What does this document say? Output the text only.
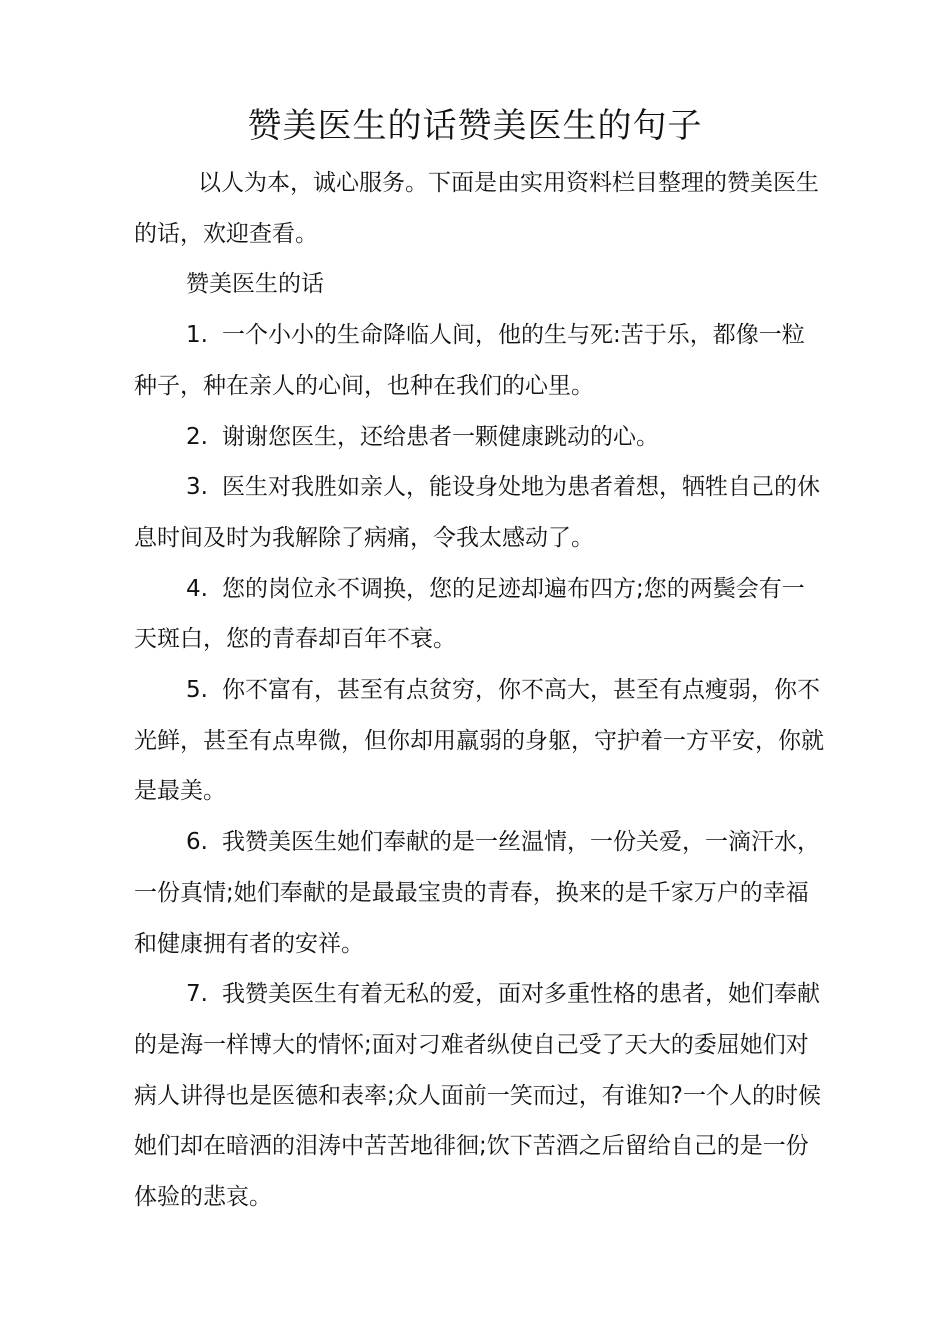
赞美医生的话赞美医生的句子

以人为本，诚心服务。下面是由实用资料栏目整理的赞美医生的话，欢迎查看。

赞美医生的话

1. 一个小小的生命降临人间，他的生与死:苦于乐，都像一粒种子，种在亲人的心间，也种在我们的心里。

2. 谢谢您医生，还给患者一颗健康跳动的心。

3. 医生对我胜如亲人，能设身处地为患者着想，牺牲自己的休息时间及时为我解除了病痛，令我太感动了。

4. 您的岗位永不调换，您的足迹却遍布四方;您的两鬓会有一天斑白，您的青春却百年不衰。

5. 你不富有，甚至有点贫穷，你不高大，甚至有点瘦弱，你不光鲜，甚至有点卑微，但你却用羸弱的身躯，守护着一方平安，你就是最美。

6. 我赞美医生她们奉献的是一丝温情，一份关爱，一滴汗水，一份真情;她们奉献的是最最宝贵的青春，换来的是千家万户的幸福和健康拥有者的安祥。

7. 我赞美医生有着无私的爱，面对多重性格的患者，她们奉献的是海一样博大的情怀;面对刁难者纵使自己受了天大的委屈她们对病人讲得也是医德和表率;众人面前一笑而过，有谁知?一个人的时候她们却在暗洒的泪涛中苦苦地徘徊;饮下苦酒之后留给自己的是一份体验的悲哀。
